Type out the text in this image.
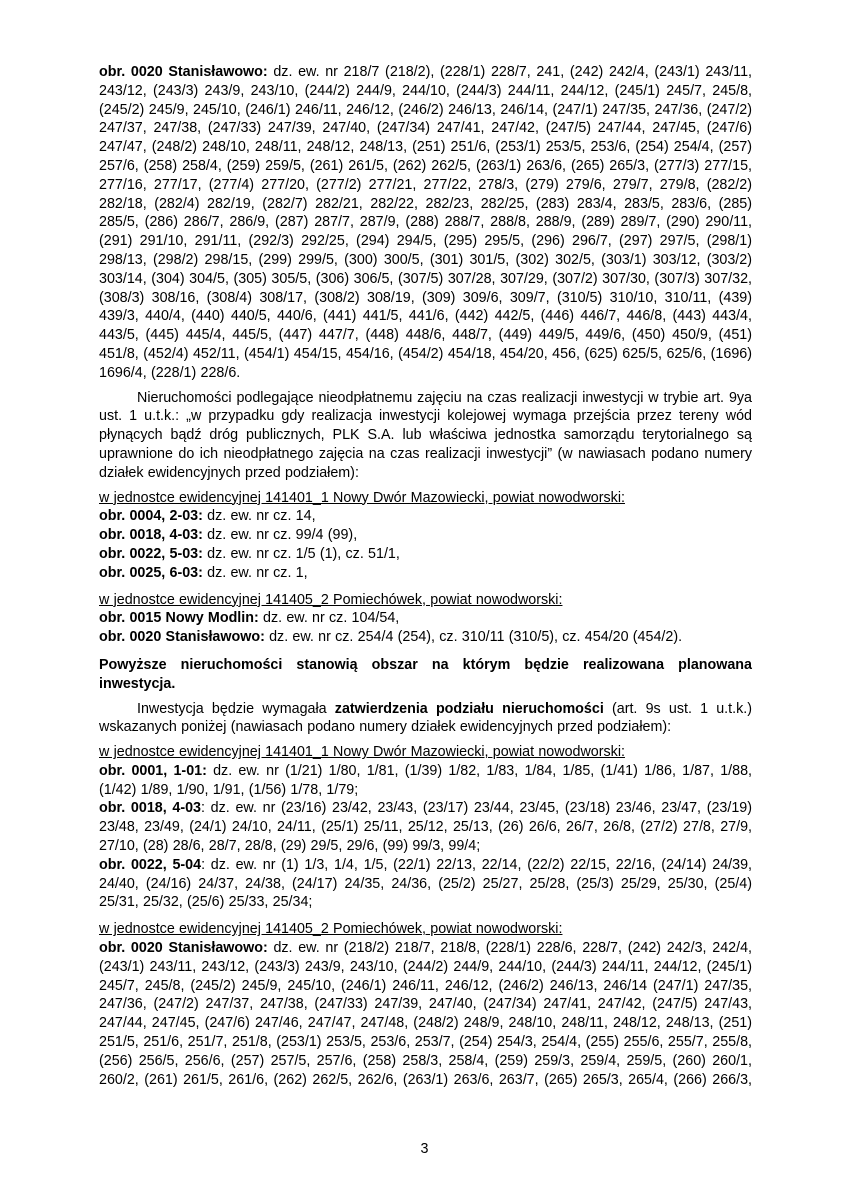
obr. 0020 Stanisławowo: dz. ew. nr 218/7 (218/2), (228/1) 228/7, 241, (242) 242/4, (243/1) 243/11, 243/12, (243/3) 243/9, 243/10, (244/2) 244/9, 244/10, (244/3) 244/11, 244/12, (245/1) 245/7, 245/8, (245/2) 245/9, 245/10, (246/1) 246/11, 246/12, (246/2) 246/13, 246/14, (247/1) 247/35, 247/36, (247/2) 247/37, 247/38, (247/33) 247/39, 247/40, (247/34) 247/41, 247/42, (247/5) 247/44, 247/45, (247/6) 247/47, (248/2) 248/10, 248/11, 248/12, 248/13, (251) 251/6, (253/1) 253/5, 253/6, (254) 254/4, (257) 257/6, (258) 258/4, (259) 259/5, (261) 261/5, (262) 262/5, (263/1) 263/6, (265) 265/3, (277/3) 277/15, 277/16, 277/17, (277/4) 277/20, (277/2) 277/21, 277/22, 278/3, (279) 279/6, 279/7, 279/8, (282/2) 282/18, (282/4) 282/19, (282/7) 282/21, 282/22, 282/23, 282/25, (283) 283/4, 283/5, 283/6, (285) 285/5, (286) 286/7, 286/9, (287) 287/7, 287/9, (288) 288/7, 288/8, 288/9, (289) 289/7, (290) 290/11, (291) 291/10, 291/11, (292/3) 292/25, (294) 294/5, (295) 295/5, (296) 296/7, (297) 297/5, (298/1) 298/13, (298/2) 298/15, (299) 299/5, (300) 300/5, (301) 301/5, (302) 302/5, (303/1) 303/12, (303/2) 303/14, (304) 304/5, (305) 305/5, (306) 306/5, (307/5) 307/28, 307/29, (307/2) 307/30, (307/3) 307/32, (308/3) 308/16, (308/4) 308/17, (308/2) 308/19, (309) 309/6, 309/7, (310/5) 310/10, 310/11, (439) 439/3, 440/4, (440) 440/5, 440/6, (441) 441/5, 441/6, (442) 442/5, (446) 446/7, 446/8, (443) 443/4, 443/5, (445) 445/4, 445/5, (447) 447/7, (448) 448/6, 448/7, (449) 449/5, 449/6, (450) 450/9, (451) 451/8, (452/4) 452/11, (454/1) 454/15, 454/16, (454/2) 454/18, 454/20, 456, (625) 625/5, 625/6, (1696) 1696/4, (228/1) 228/6.
Nieruchomości podlegające nieodpłatnemu zajęciu na czas realizacji inwestycji w trybie art. 9ya ust. 1 u.t.k.: „w przypadku gdy realizacja inwestycji kolejowej wymaga przejścia przez tereny wód płynących bądź dróg publicznych, PLK S.A. lub właściwa jednostka samorządu terytorialnego są uprawnione do ich nieodpłatnego zajęcia na czas realizacji inwestycji” (w nawiasach podano numery działek ewidencyjnych przed podziałem):
w jednostce ewidencyjnej 141401_1 Nowy Dwór Mazowiecki, powiat nowodworski:
obr. 0004, 2-03: dz. ew. nr cz. 14,
obr. 0018, 4-03: dz. ew. nr cz. 99/4 (99),
obr. 0022, 5-03: dz. ew. nr cz. 1/5 (1), cz. 51/1,
obr. 0025, 6-03: dz. ew. nr cz. 1,
w jednostce ewidencyjnej 141405_2 Pomiechówek, powiat nowodworski:
obr. 0015 Nowy Modlin: dz. ew. nr cz. 104/54,
obr. 0020 Stanisławowo: dz. ew. nr cz. 254/4 (254), cz. 310/11 (310/5), cz. 454/20 (454/2).
Powyższe nieruchomości stanowią obszar na którym będzie realizowana planowana inwestycja.
Inwestycja będzie wymagała zatwierdzenia podziału nieruchomości (art. 9s ust. 1 u.t.k.) wskazanych poniżej (nawiasach podano numery działek ewidencyjnych przed podziałem):
w jednostce ewidencyjnej 141401_1 Nowy Dwór Mazowiecki, powiat nowodworski:
obr. 0001, 1-01: dz. ew. nr (1/21) 1/80, 1/81, (1/39) 1/82, 1/83, 1/84, 1/85, (1/41) 1/86, 1/87, 1/88, (1/42) 1/89, 1/90, 1/91, (1/56) 1/78, 1/79;
obr. 0018, 4-03: dz. ew. nr (23/16) 23/42, 23/43, (23/17) 23/44, 23/45, (23/18) 23/46, 23/47, (23/19) 23/48, 23/49, (24/1) 24/10, 24/11, (25/1) 25/11, 25/12, 25/13, (26) 26/6, 26/7, 26/8, (27/2) 27/8, 27/9, 27/10, (28) 28/6, 28/7, 28/8, (29) 29/5, 29/6, (99) 99/3, 99/4;
obr. 0022, 5-04: dz. ew. nr (1) 1/3, 1/4, 1/5, (22/1) 22/13, 22/14, (22/2) 22/15, 22/16, (24/14) 24/39, 24/40, (24/16) 24/37, 24/38, (24/17) 24/35, 24/36, (25/2) 25/27, 25/28, (25/3) 25/29, 25/30, (25/4) 25/31, 25/32, (25/6) 25/33, 25/34;
w jednostce ewidencyjnej 141405_2 Pomiechówek, powiat nowodworski:
obr. 0020 Stanisławowo: dz. ew. nr (218/2) 218/7, 218/8, (228/1) 228/6, 228/7, (242) 242/3, 242/4, (243/1) 243/11, 243/12, (243/3) 243/9, 243/10, (244/2) 244/9, 244/10, (244/3) 244/11, 244/12, (245/1) 245/7, 245/8, (245/2) 245/9, 245/10, (246/1) 246/11, 246/12, (246/2) 246/13, 246/14 (247/1) 247/35, 247/36, (247/2) 247/37, 247/38, (247/33) 247/39, 247/40, (247/34) 247/41, 247/42, (247/5) 247/43, 247/44, 247/45, (247/6) 247/46, 247/47, 247/48, (248/2) 248/9, 248/10, 248/11, 248/12, 248/13, (251) 251/5, 251/6, 251/7, 251/8, (253/1) 253/5, 253/6, 253/7, (254) 254/3, 254/4, (255) 255/6, 255/7, 255/8, (256) 256/5, 256/6, (257) 257/5, 257/6, (258) 258/3, 258/4, (259) 259/3, 259/4, 259/5, (260) 260/1, 260/2, (261) 261/5, 261/6, (262) 262/5, 262/6, (263/1) 263/6, 263/7, (265) 265/3, 265/4, (266) 266/3,
3
